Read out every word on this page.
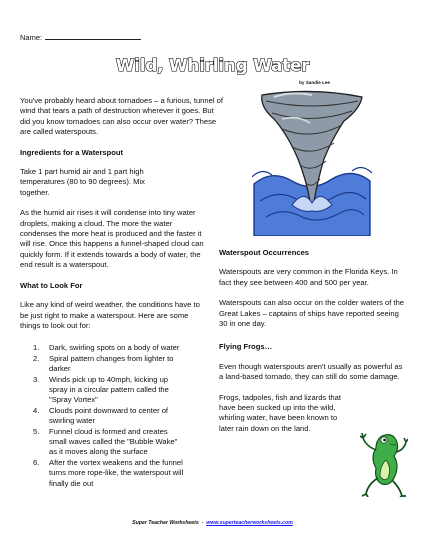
Name:
Wild, Whirling Water
by Sandie Lee

You've probably heard about tornadoes – a furious, tunnel of wind that tears a path of destruction wherever it goes. But did you know tornadoes can also occur over water? These are called waterspouts.

Ingredients for a Waterspout

Take 1 part humid air and 1 part high temperatures (80 to 90 degrees). Mix together.

As the humid air rises it will condense into tiny water droplets, making a cloud. The more the water condenses the more heat is produced and the faster it will rise. Once this happens a funnel-shaped cloud can quickly form. If it extends towards a body of water, the end result is a waterspout.

What to Look For

Like any kind of weird weather, the conditions have to be just right to make a waterspout. Here are some things to look out for:

1.	Dark, swirling spots on a body of water
2.	Spiral pattern changes from lighter to darker
3.	Winds pick up to 40mph, kicking up spray in a circular pattern called the "Spray Vortex"
4.	Clouds point downward to center of swirling water
5.	Funnel cloud is formed and creates small waves called the "Bubble Wake" as it moves along the surface
6.	After the vortex weakens and the funnel turns more rope-like, the waterspout will finally die out
Waterspout Occurrences

Waterspouts are very common in the Florida Keys. In fact they see between 400 and 500 per year.

Waterspouts can also occur on the colder waters of the Great Lakes – captains of ships have reported seeing 30 in one day.

Flying Frogs…

Even though waterspouts aren't usually as powerful as a land-based tornado, they can still do some damage.

Frogs, tadpoles, fish and lizards that have been sucked up into the wild, whirling water, have been known to later rain down on the land.

Super Teacher Worksheets - www.superteacherworksheets.com
